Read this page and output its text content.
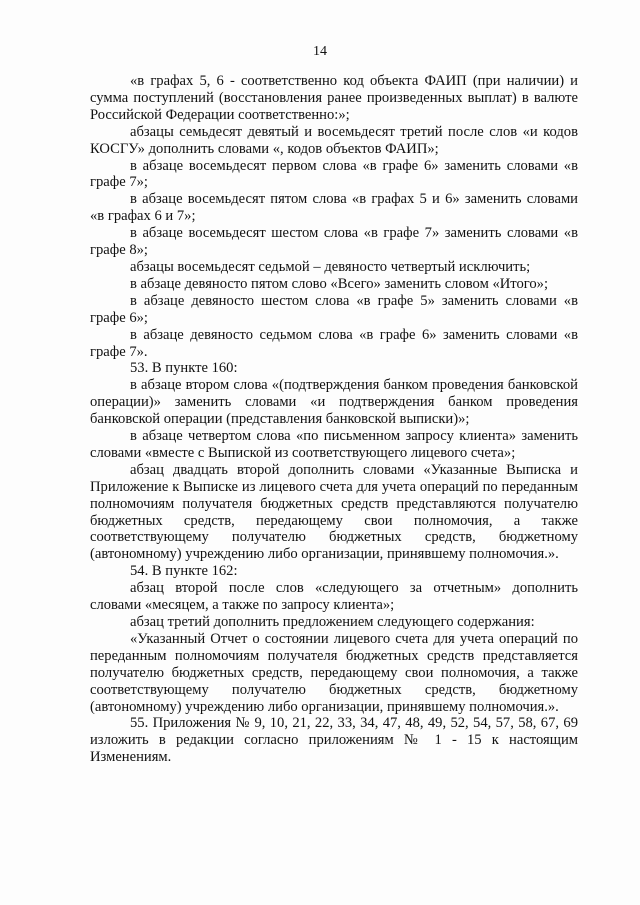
14

«в графах 5, 6 - соответственно код объекта ФАИП (при наличии) и сумма поступлений (восстановления ранее произведенных выплат) в валюте Российской Федерации соответственно:»;

абзацы семьдесят девятый и восемьдесят третий после слов «и кодов КОСГУ» дополнить словами «, кодов объектов ФАИП»;

в абзаце восемьдесят первом слова «в графе 6» заменить словами «в графе 7»;

в абзаце восемьдесят пятом слова «в графах 5 и 6» заменить словами «в графах 6 и 7»;

в абзаце восемьдесят шестом слова «в графе 7» заменить словами «в графе 8»;

абзацы восемьдесят седьмой – девяносто четвертый исключить;

в абзаце девяносто пятом слово «Всего» заменить словом «Итого»;

в абзаце девяносто шестом слова «в графе 5» заменить словами «в графе 6»;

в абзаце девяносто седьмом слова «в графе 6» заменить словами «в графе 7».

53. В пункте 160:

в абзаце втором слова «(подтверждения банком проведения банковской операции)» заменить словами «и подтверждения банком проведения банковской операции (представления банковской выписки)»;

в абзаце четвертом слова «по письменном запросу клиента» заменить словами «вместе с Выпиской из соответствующего лицевого счета»;

абзац двадцать второй дополнить словами «Указанные Выписка и Приложение к Выписке из лицевого счета для учета операций по переданным полномочиям получателя бюджетных средств представляются получателю бюджетных средств, передающему свои полномочия, а также соответствующему получателю бюджетных средств, бюджетному (автономному) учреждению либо организации, принявшему полномочия.».

54. В пункте 162:

абзац второй после слов «следующего за отчетным» дополнить словами «месяцем, а также по запросу клиента»;

абзац третий дополнить предложением следующего содержания:

«Указанный Отчет о состоянии лицевого счета для учета операций по переданным полномочиям получателя бюджетных средств представляется получателю бюджетных средств, передающему свои полномочия, а также соответствующему получателю бюджетных средств, бюджетному (автономному) учреждению либо организации, принявшему полномочия.».

55. Приложения № 9, 10, 21, 22, 33, 34, 47, 48, 49, 52, 54, 57, 58, 67, 69 изложить в редакции согласно приложениям № 1 - 15 к настоящим Изменениям.
